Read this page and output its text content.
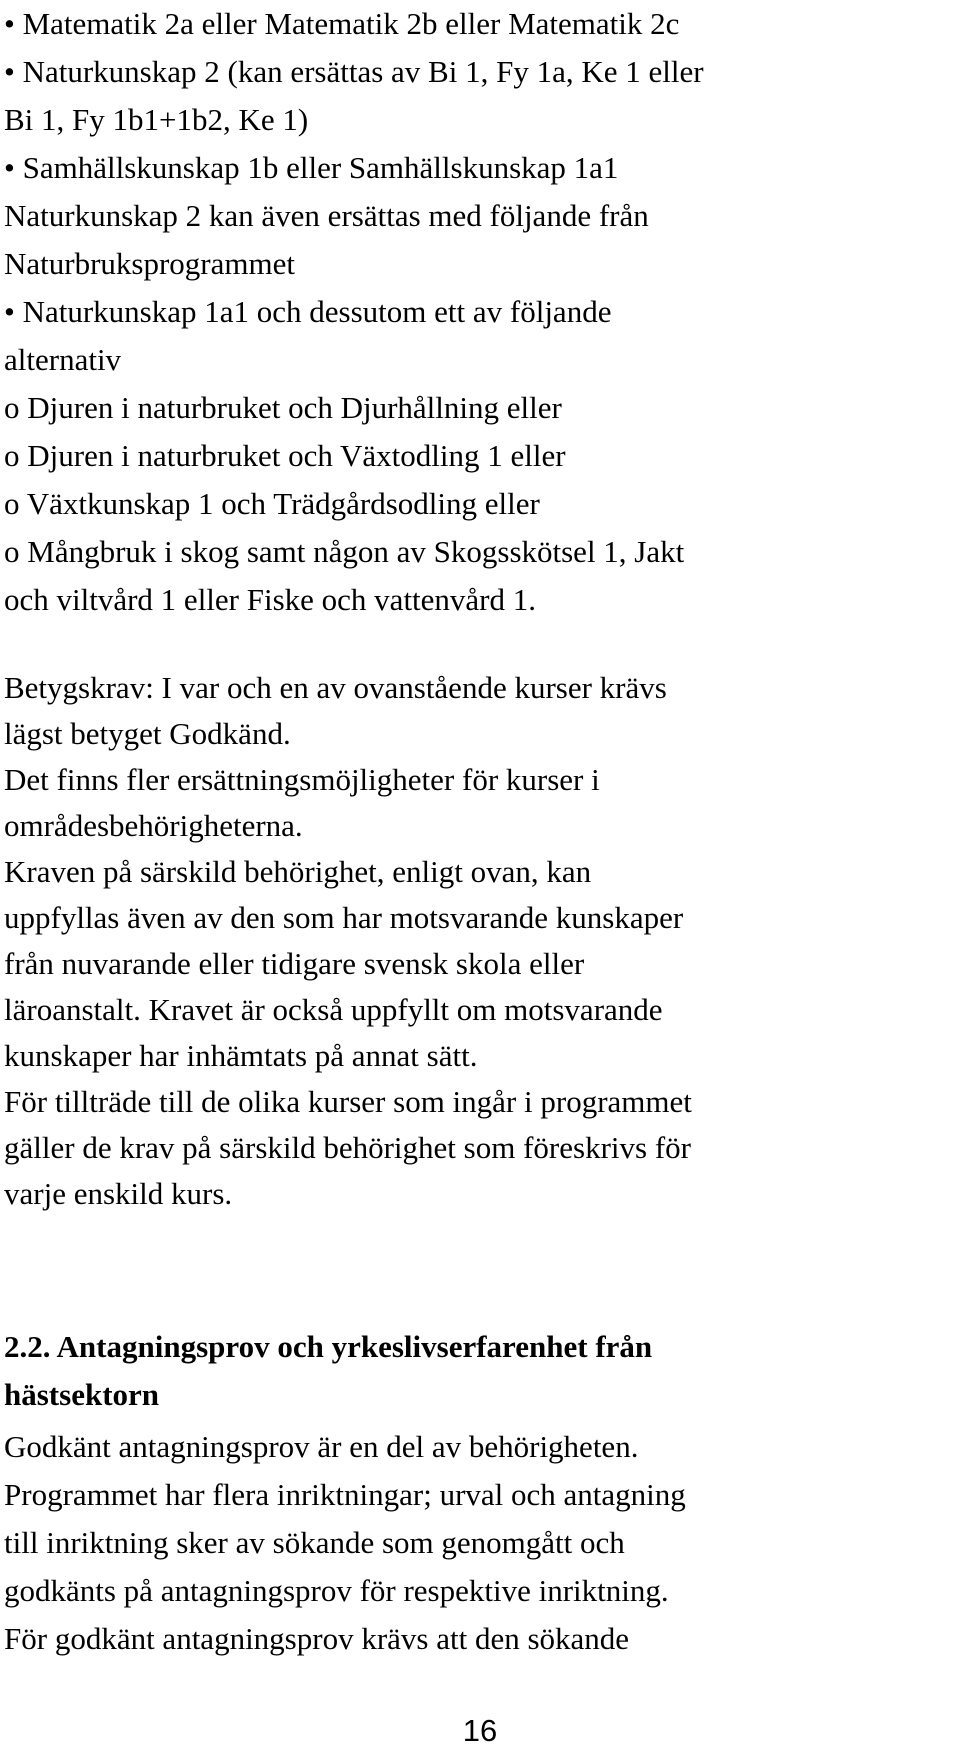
• Matematik 2a eller Matematik 2b eller Matematik 2c
• Naturkunskap 2 (kan ersättas av Bi 1, Fy 1a, Ke 1 eller
Bi 1, Fy 1b1+1b2, Ke 1)
• Samhällskunskap 1b eller Samhällskunskap 1a1
Naturkunskap 2 kan även ersättas med följande från
Naturbruksprogrammet
• Naturkunskap 1a1 och dessutom ett av följande
alternativ
o Djuren i naturbruket och Djurhållning eller
o Djuren i naturbruket och Växtodling 1 eller
o Växtkunskap 1 och Trädgårdsodling eller
o Mångbruk i skog samt någon av Skogsskötsel 1, Jakt
och viltvård 1 eller Fiske och vattenvård 1.
Betygskrav: I var och en av ovanstående kurser krävs
lägst betyget Godkänd.
Det finns fler ersättningsmöjligheter för kurser i
områdesbehörigheterna.
Kraven på särskild behörighet, enligt ovan, kan
uppfyllas även av den som har motsvarande kunskaper
från nuvarande eller tidigare svensk skola eller
läroanstalt. Kravet är också uppfyllt om motsvarande
kunskaper har inhämtats på annat sätt.
För tillträde till de olika kurser som ingår i programmet
gäller de krav på särskild behörighet som föreskrivs för
varje enskild kurs.
2.2. Antagningsprov och yrkeslivserfarenhet från
hästsektorn
Godkänt antagningsprov är en del av behörigheten.
Programmet har flera inriktningar; urval och antagning
till inriktning sker av sökande som genomgått och
godkänts på antagningsprov för respektive inriktning.
För godkänt antagningsprov krävs att den sökande
16
